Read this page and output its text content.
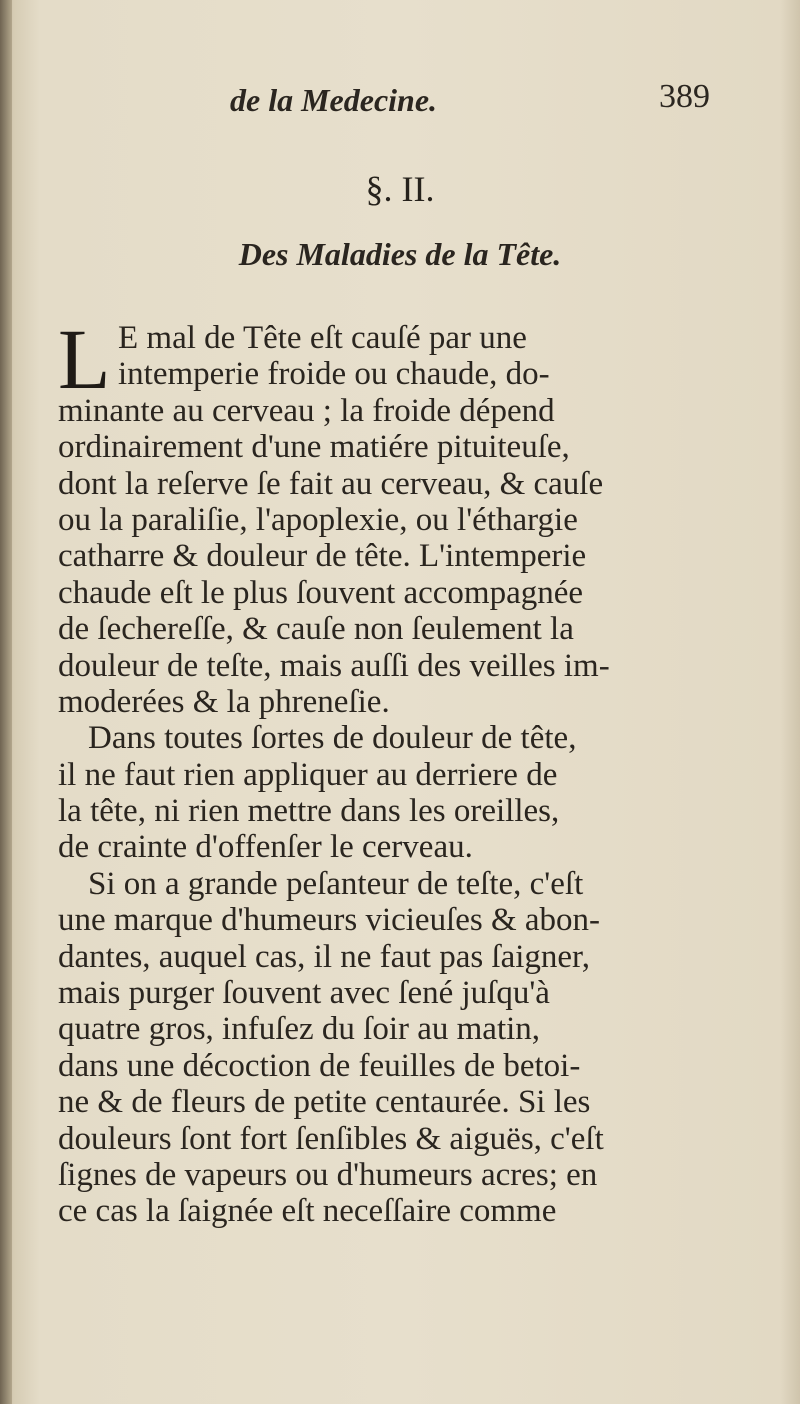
de la Medecine.	389
§. II.
Des Maladies de la Tête.
L E mal de Tête eſt cauſé par une
intemperie froide ou chaude, do-
minante au cerveau ; la froide dépend
ordinairement d'une matiére pituiteuſe,
dont la reſerve ſe fait au cerveau, & cauſe
ou la paraliſie, l'apoplexie, ou l'éthargie
catharre & douleur de tête. L'intemperie
chaude eſt le plus ſouvent accompagnée
de ſechereſſe, & cauſe non ſeulement la
douleur de teſte, mais auſſi des veilles im-
moderées & la phreneſie.
Dans toutes ſortes de douleur de tête,
il ne faut rien appliquer au derriere de
la tête, ni rien mettre dans les oreilles,
de crainte d'offenſer le cerveau.
Si on a grande peſanteur de teſte, c'eſt
une marque d'humeurs vicieuſes & abon-
dantes, auquel cas, il ne faut pas ſaigner,
mais purger ſouvent avec ſené juſqu'à
quatre gros, infuſez du ſoir au matin,
dans une décoction de feuilles de betoi-
ne & de fleurs de petite centaurée. Si les
douleurs ſont fort ſenſibles & aiguës, c'eſt
ſignes de vapeurs ou d'humeurs acres; en
ce cas la ſaignée eſt neceſſaire comme
